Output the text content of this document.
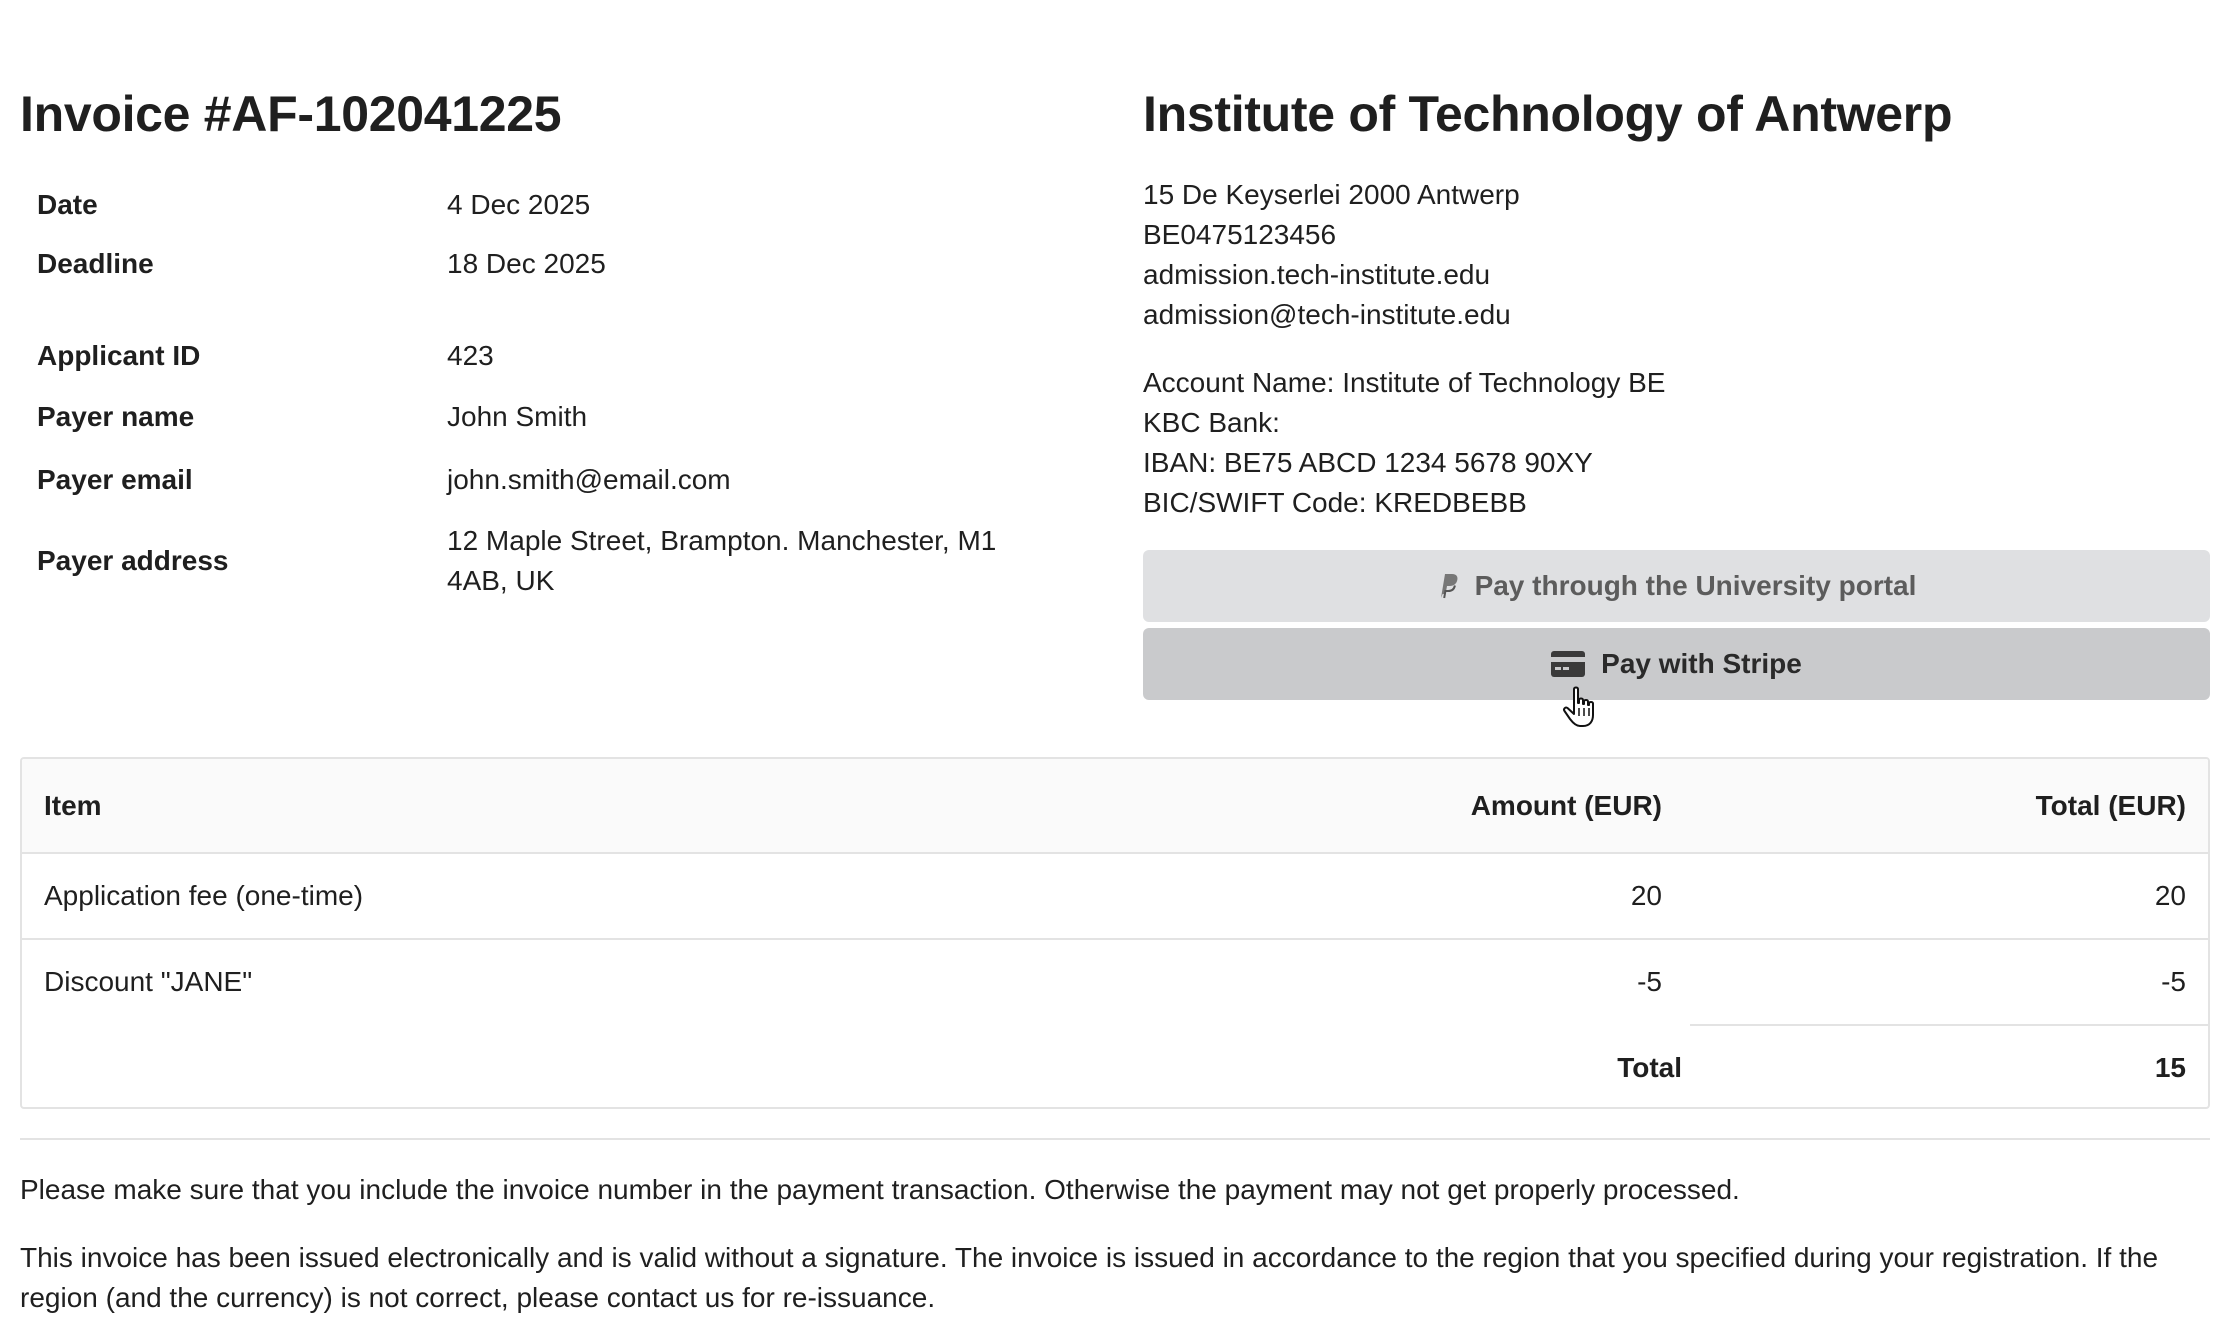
Invoice #AF-102041225
Date	4 Dec 2025
Deadline	18 Dec 2025
Applicant ID	423
Payer name	John Smith
Payer email	john.smith@email.com
Payer address
12 Maple Street, Brampton. Manchester, M1 4AB, UK
Institute of Technology of Antwerp
15 De Keyserlei 2000 Antwerp
BE0475123456
admission.tech-institute.edu
admission@tech-institute.edu
Account Name: Institute of Technology BE
KBC Bank:
IBAN: BE75 ABCD 1234 5678 90XY
BIC/SWIFT Code: KREDBEBB
Pay through the University portal
Pay with Stripe
Item	Amount (EUR)	Total (EUR)
Application fee (one-time)	20	20
Discount "JANE"	-5	-5
Total	15

Please make sure that you include the invoice number in the payment transaction. Otherwise the payment may not get properly processed.

This invoice has been issued electronically and is valid without a signature. The invoice is issued in accordance to the region that you specified during your registration. If the region (and the currency) is not correct, please contact us for re-issuance.
